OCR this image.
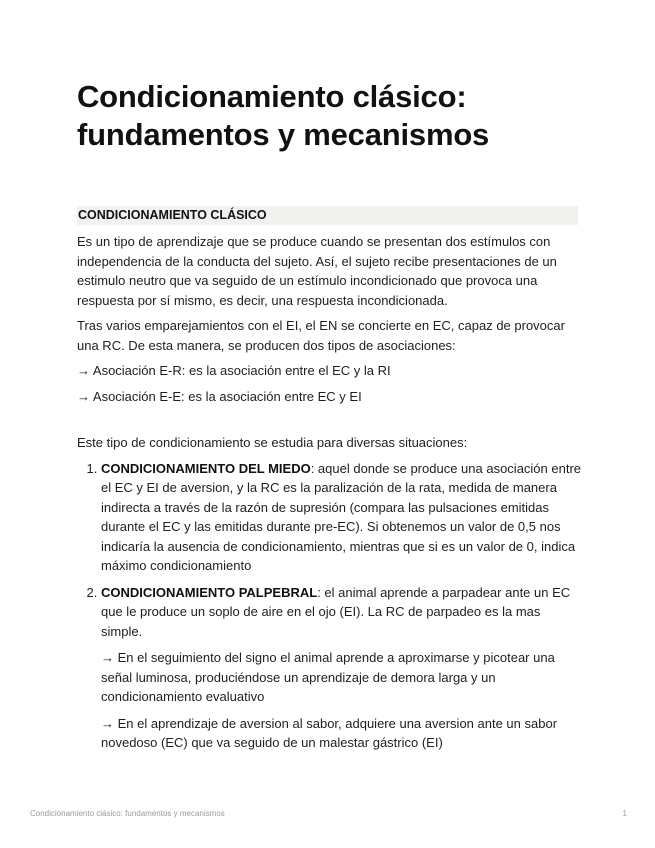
Condicionamiento clásico: fundamentos y mecanismos
CONDICIONAMIENTO CLÁSICO

Es un tipo de aprendizaje que se produce cuando se presentan dos estímulos con independencia de la conducta del sujeto. Así, el sujeto recibe presentaciones de un estimulo neutro que va seguido de un estímulo incondicionado que provoca una respuesta por sí mismo, es decir, una respuesta incondicionada.

Tras varios emparejamientos con el EI, el EN se concierte en EC, capaz de provocar una RC. De esta manera, se producen dos tipos de asociaciones:

→ Asociación E-R: es la asociación entre el EC y la RI

→ Asociación E-E: es la asociación entre EC y EI

Este tipo de condicionamiento se estudia para diversas situaciones:

1. CONDICIONAMIENTO DEL MIEDO: aquel donde se produce una asociación entre el EC y EI de aversion, y la RC es la paralización de la rata, medida de manera indirecta a través de la razón de supresión (compara las pulsaciones emitidas durante el EC y las emitidas durante pre-EC). Si obtenemos un valor de 0,5 nos indicaría la ausencia de condicionamiento, mientras que si es un valor de 0, indica máximo condicionamiento
2. CONDICIONAMIENTO PALPEBRAL: el animal aprende a parpadear ante un EC que le produce un soplo de aire en el ojo (EI). La RC de parpadeo es la mas simple.
→ En el seguimiento del signo el animal aprende a aproximarse y picotear una señal luminosa, produciéndose un aprendizaje de demora larga y un condicionamiento evaluativo
→ En el aprendizaje de aversion al sabor, adquiere una aversion ante un sabor novedoso (EC) que va seguido de un malestar gástrico (EI)
Condicionamiento clásico: fundamentos y mecanismos	1
